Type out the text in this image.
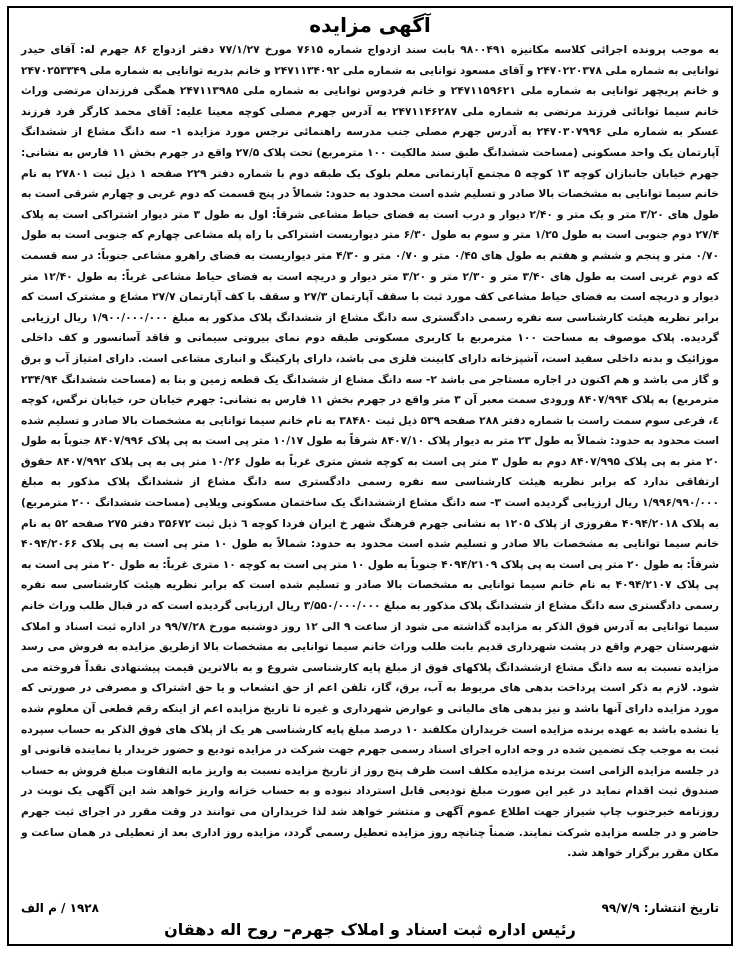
آگهی مزایده
به موجب پرونده اجرائی کلاسه مکانیزه ۹۸۰۰۴۹۱ بابت سند ازدواج شماره ۷۶۱۵ مورخ ۷۷/۱/۲۷ دفتر ازدواج ۸۶ جهرم له: آقای حیدر توانایی به شماره ملی ۲۴۷۰۲۲۰۳۷۸ و آقای مسعود توانایی به شماره ملی ۲۴۷۱۱۳۴۰۹۲ و خانم بدریه توانایی به شماره ملی ۲۴۷۰۲۵۳۳۴۹ و خانم پریچهر توانایی به شماره ملی ۲۴۷۱۱۵۹۶۲۱ و خانم فردوس توانایی به شماره ملی ۲۴۷۱۱۳۹۸۵ همگی فرزندان مرتضی وراث خانم سیما توانائی فرزند مرتضی به شماره ملی ۲۴۷۱۱۴۶۲۸۷ به آدرس جهرم مصلی کوچه معینا علیه: آقای محمد کارگر فرد فرزند عسکر به شماره ملی ۲۴۷۰۳۰۷۹۹۶ به آدرس جهرم مصلی جنب مدرسه راهنمائی نرجس مورد مزایده ۱- سه دانگ مشاع از ششدانگ آپارتمان یک واحد مسکونی (مساحت ششدانگ طبق سند مالکیت ۱۰۰ مترمربع) تحت پلاک ۲۷/۵ واقع در جهرم بخش ۱۱ فارس به نشانی: جهرم خیابان جانبازان کوچه ۱۳ کوچه ۵ مجتمع آپارتمانی معلم بلوک یک طبقه دوم با شماره دفتر ۲۲۹ صفحه ۱ ذیل ثبت ۲۷۸۰۱ به نام خانم سیما توانایی به مشخصات بالا صادر و تسلیم شده است محدود به حدود: شمالاً در پنج قسمت که دوم غربی و چهارم شرقی است به طول های ۳/۲۰ متر و یک متر و ۲/۴۰ دیوار و درب است به فضای حیاط مشاعی شرقاً: اول به طول ۳ متر دیوار اشتراکی است به پلاک ۲۷/۴ دوم جنوبی است به طول ۱/۲۵ متر و سوم به طول ۶/۳۰ متر دیواریست اشتراکی با راه پله مشاعی چهارم که جنوبی است به طول ۰/۷۰ متر و پنجم و ششم و هفتم به طول های ۰/۴۵ متر و ۰/۷۰ متر و ۴/۳۰ متر دیواریست به فضای راهرو مشاعی جنوباً: در سه قسمت که دوم غربی است به طول های ۳/۴۰ متر و ۲/۳۰ متر و ۳/۲۰ متر دیوار و دریچه است به فضای حیاط مشاعی غرباً: به طول ۱۲/۴۰ متر دیوار و دریچه است به فضای حیاط مشاعی کف مورد ثبت با سقف آپارتمان ۲۷/۳ و سقف با کف آپارتمان ۲۷/۷ مشاع و مشترک است که برابر نظریه هیئت کارشناسی سه نفره رسمی دادگستری سه دانگ مشاع از ششدانگ پلاک مذکور به مبلغ ۱/۹۰۰/۰۰۰/۰۰۰ ریال ارزیابی گردیده. پلاک موصوف به مساحت ۱۰۰ مترمربع با کاربری مسکونی طبقه دوم نمای بیرونی سیمانی و فاقد آسانسور و کف داخلی موزائیک و بدنه داخلی سفید است، آشپزخانه دارای کابینت فلزی می باشد، دارای پارکینگ و انباری مشاعی است. دارای امتیاز آب و برق و گاز می باشد و هم اکنون در اجاره مستاجر می باشد ۲- سه دانگ مشاع از ششدانگ یک قطعه زمین و بنا به (مساحت ششدانگ ۲۳۴/۹۴ مترمربع) به پلاک ۸۴۰۷/۹۹۴ ورودی سمت معبر آن ۳ متر واقع در جهرم بخش ۱۱ فارس به نشانی: جهرم خیابان حر، خیابان نرگس، کوچه ٤، فرعی سوم سمت راست با شماره دفتر ۲۸۸ صفحه ۵۳۹ ذیل ثبت ۳۸۴۸۰ به نام خانم سیما توانایی به مشخصات بالا صادر و تسلیم شده است محدود به حدود: شمالاً به طول ۲۳ متر به دیوار پلاک ۸۴۰۷/۱۰ شرقاً به طول ۱۰/۱۷ متر پی است به پی پلاک ۸۴۰۷/۹۹۶ جنوباً به طول ۲۰ متر به پی پلاک ۸۴۰۷/۹۹۵ دوم به طول ۳ متر پی است به کوچه شش متری غرباً به طول ۱۰/۲۶ متر پی به پی پلاک ۸۴۰۷/۹۹۲ حقوق ارتفاقی ندارد که برابر نظریه هیئت کارشناسی سه نفره رسمی دادگستری سه دانگ مشاع از ششدانگ پلاک مذکور به مبلغ ۱/۹۹۶/۹۹۰/۰۰۰ ریال ارزیابی گردیده است ۳- سه دانگ مشاع ازششدانگ یک ساختمان مسکونی ویلایی (مساحت ششدانگ ۲۰۰ مترمربع) به پلاک ۴۰۹۴/۲۰۱۸ مفروزی از پلاک ۱۲۰۵ به نشانی جهرم فرهنگ شهر خ ایران فردا کوچه ٦ ذیل ثبت ۳۵۶۷۲ دفتر ۲۷۵ صفحه ۵۲ به نام خانم سیما توانایی به مشخصات بالا صادر و تسلیم شده است محدود به حدود: شمالاً به طول ۱۰ متر پی است به پی پلاک ۴۰۹۴/۲۰۶۶ شرقاً: به طول ۲۰ متر پی است به پی پلاک ۴۰۹۴/۲۱۰۹ جنوباً به طول ۱۰ متر پی است به کوچه ۱۰ متری غرباً: به طول ۲۰ متر پی است به پی پلاک ۴۰۹۴/۲۱۰۷ به نام خانم سیما توانایی به مشخصات بالا صادر و تسلیم شده است که برابر نظریه هیئت کارشناسی سه نفره رسمی دادگستری سه دانگ مشاع از ششدانگ پلاک مذکور به مبلغ ۳/۵۵۰/۰۰۰/۰۰۰ ریال ارزیابی گردیده است که در قبال طلب وراث خانم سیما توانایی به آدرس فوق الذکر به مزایده گذاشته می شود از ساعت ۹ الی ۱۲ روز دوشنبه مورخ ۹۹/۷/۲۸ در اداره ثبت اسناد و املاک شهرستان جهرم واقع در پشت شهرداری قدیم بابت طلب وراث خانم سیما توانایی به مشخصات بالا ازطریق مزایده به فروش می رسد مزایده نسبت به سه دانگ مشاع ازششدانگ پلاکهای فوق از مبلغ پایه کارشناسی شروع و به بالاترین قیمت پیشنهادی نقداً فروخته می شود. لازم به ذکر است پرداخت بدهی های مربوط به آب، برق، گاز، تلفن اعم از حق انشعاب و یا حق اشتراک و مصرفی در صورتی که مورد مزایده دارای آنها باشد و نیز بدهی های مالیاتی و عوارض شهرداری و غیره تا تاریخ مزایده اعم از اینکه رقم قطعی آن معلوم شده یا نشده باشد به عهده برنده مزایده است خریداران مکلفند ۱۰ درصد مبلغ پایه کارشناسی هر یک از پلاک های فوق الذکر به حساب سپرده ثبت به موجب چک تضمین شده در وجه اداره اجرای اسناد رسمی جهرم جهت شرکت در مزایده تودیع و حضور خریدار یا نماینده قانونی او در جلسه مزایده الزامی است برنده مزایده مکلف است ظرف پنج روز از تاریخ مزایده نسبت به واریز مابه التفاوت مبلغ فروش به حساب صندوق ثبت اقدام نماید در غیر این صورت مبلغ تودیعی قابل استرداد نبوده و به حساب خزانه واریز خواهد شد این آگهی یک نوبت در روزنامه خبرجنوب چاپ شیراز جهت اطلاع عموم آگهی و منتشر خواهد شد لذا خریداران می توانند در وقت مقرر در اجرای ثبت جهرم حاضر و در جلسه مزایده شرکت نمایند. ضمناً چنانچه روز مزایده تعطیل رسمی گردد، مزایده روز اداری بعد از تعطیلی در همان ساعت و مکان مقرر برگزار خواهد شد.
تاریخ انتشار: ۹۹/۷/۹
۱۹۲۸ / م الف
رئیس اداره ثبت اسناد و املاک جهرم– روح اله دهقان
